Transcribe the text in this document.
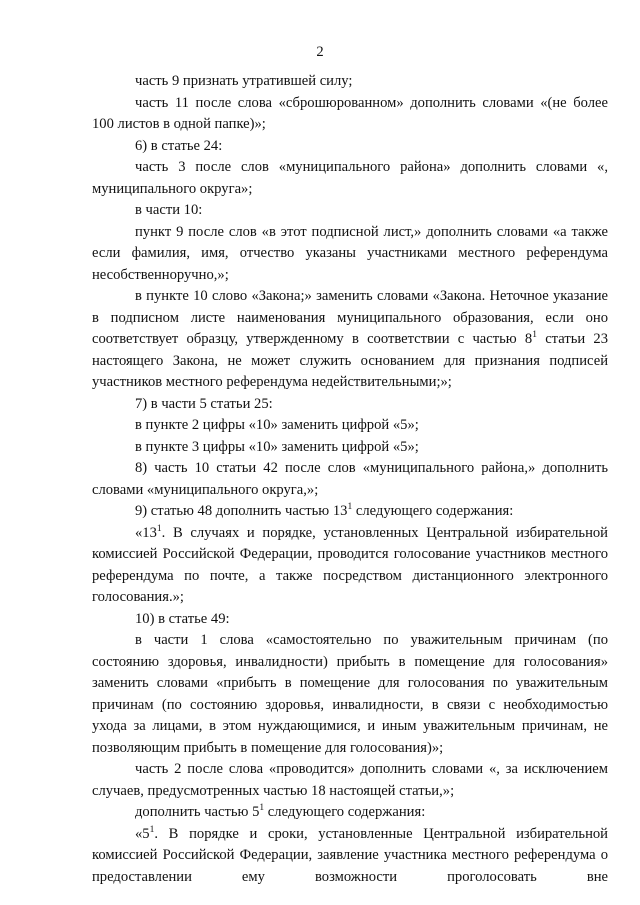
2

часть 9 признать утратившей силу;

часть 11 после слова «сброшюрованном» дополнить словами «(не более 100 листов в одной папке)»;

6) в статье 24:

часть 3 после слов «муниципального района» дополнить словами «, муниципального округа»;

в части 10:

пункт 9 после слов «в этот подписной лист,» дополнить словами «а также если фамилия, имя, отчество указаны участниками местного референдума несобственноручно,»;

в пункте 10 слово «Закона;» заменить словами «Закона. Неточное указание в подписном листе наименования муниципального образования, если оно соответствует образцу, утвержденному в соответствии с частью $8^1$ статьи 23 настоящего Закона, не может служить основанием для признания подписей участников местного референдума недействительными;»;

7) в части 5 статьи 25:

в пункте 2 цифры «10» заменить цифрой «5»;

в пункте 3 цифры «10» заменить цифрой «5»;

8) часть 10 статьи 42 после слов «муниципального района,» дополнить словами «муниципального округа,»;

9) статью 48 дополнить частью $13^1$ следующего содержания:

«$13^1$. В случаях и порядке, установленных Центральной избирательной комиссией Российской Федерации, проводится голосование участников местного референдума по почте, а также посредством дистанционного электронного голосования.»;

10) в статье 49:

в части 1 слова «самостоятельно по уважительным причинам (по состоянию здоровья, инвалидности) прибыть в помещение для голосования» заменить словами «прибыть в помещение для голосования по уважительным причинам (по состоянию здоровья, инвалидности, в связи с необходимостью ухода за лицами, в этом нуждающимися, и иным уважительным причинам, не позволяющим прибыть в помещение для голосования)»;

часть 2 после слова «проводится» дополнить словами «, за исключением случаев, предусмотренных частью 18 настоящей статьи,»;

дополнить частью $5^1$ следующего содержания:

«$5^1$. В порядке и сроки, установленные Центральной избирательной комиссией Российской Федерации, заявление участника местного референдума о предоставлении ему возможности проголосовать вне
